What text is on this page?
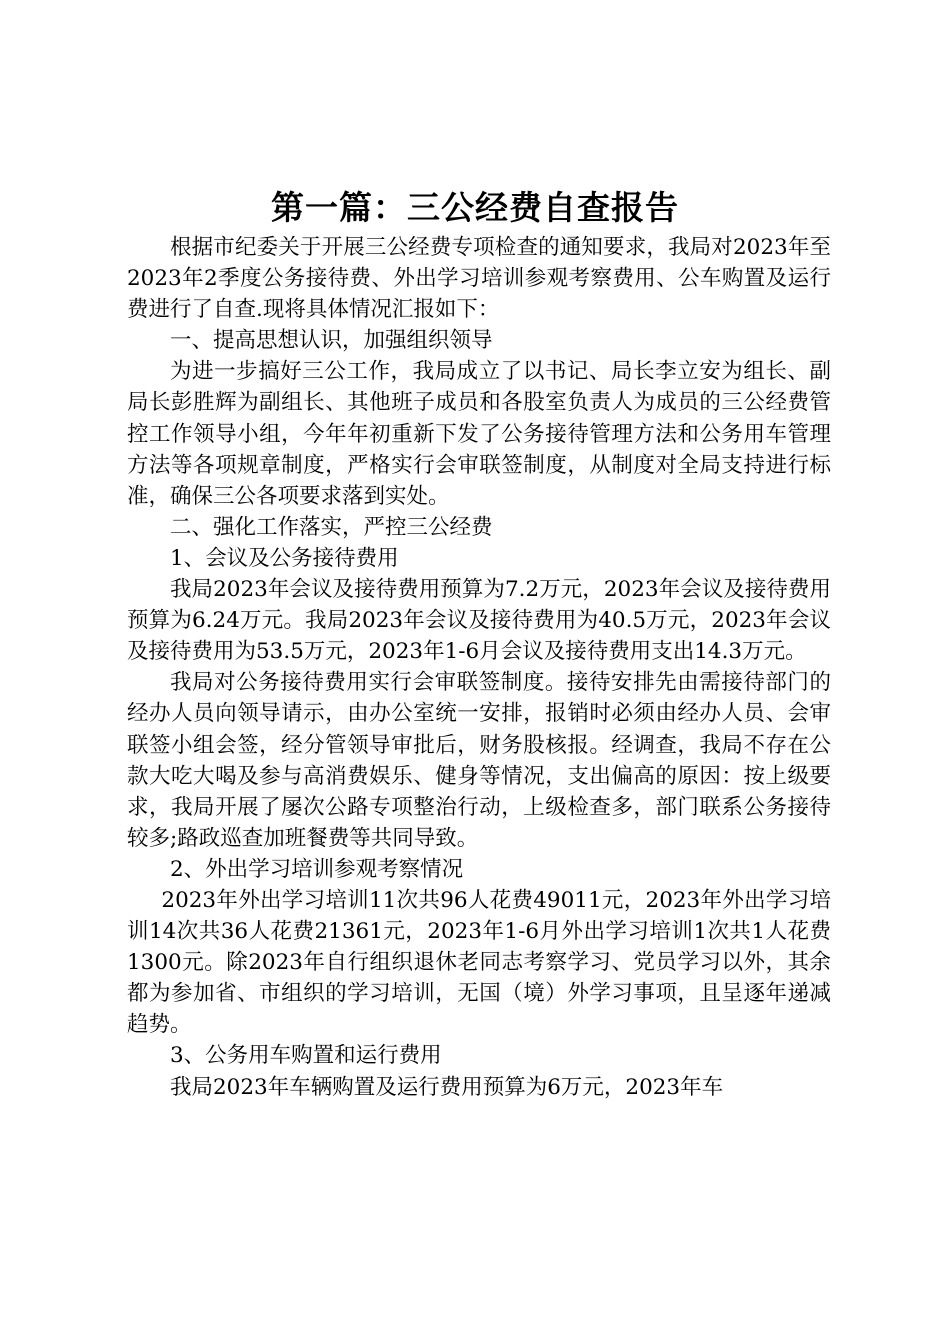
第一篇：三公经费自查报告

根据市纪委关于开展三公经费专项检查的通知要求，我局对2023年至2023年2季度公务接待费、外出学习培训参观考察费用、公车购置及运行费进行了自查.现将具体情况汇报如下：

一、提高思想认识，加强组织领导

为进一步搞好三公工作，我局成立了以书记、局长李立安为组长、副局长彭胜辉为副组长、其他班子成员和各股室负责人为成员的三公经费管控工作领导小组，今年年初重新下发了公务接待管理方法和公务用车管理方法等各项规章制度，严格实行会审联签制度，从制度对全局支持进行标准，确保三公各项要求落到实处。

二、强化工作落实，严控三公经费

1、会议及公务接待费用

我局2023年会议及接待费用预算为7.2万元，2023年会议及接待费用预算为6.24万元。我局2023年会议及接待费用为40.5万元，2023年会议及接待费用为53.5万元，2023年1-6月会议及接待费用支出14.3万元。

我局对公务接待费用实行会审联签制度。接待安排先由需接待部门的经办人员向领导请示，由办公室统一安排，报销时必须由经办人员、会审联签小组会签，经分管领导审批后，财务股核报。经调查，我局不存在公款大吃大喝及参与高消费娱乐、健身等情况，支出偏高的原因：按上级要求，我局开展了屡次公路专项整治行动，上级检查多，部门联系公务接待较多;路政巡查加班餐费等共同导致。

2、外出学习培训参观考察情况

2023年外出学习培训11次共96人花费49011元，2023年外出学习培训14次共36人花费21361元，2023年1-6月外出学习培训1次共1人花费1300元。除2023年自行组织退休老同志考察学习、党员学习以外，其余都为参加省、市组织的学习培训，无国（境）外学习事项，且呈逐年递减趋势。

3、公务用车购置和运行费用

我局2023年车辆购置及运行费用预算为6万元，2023年车
